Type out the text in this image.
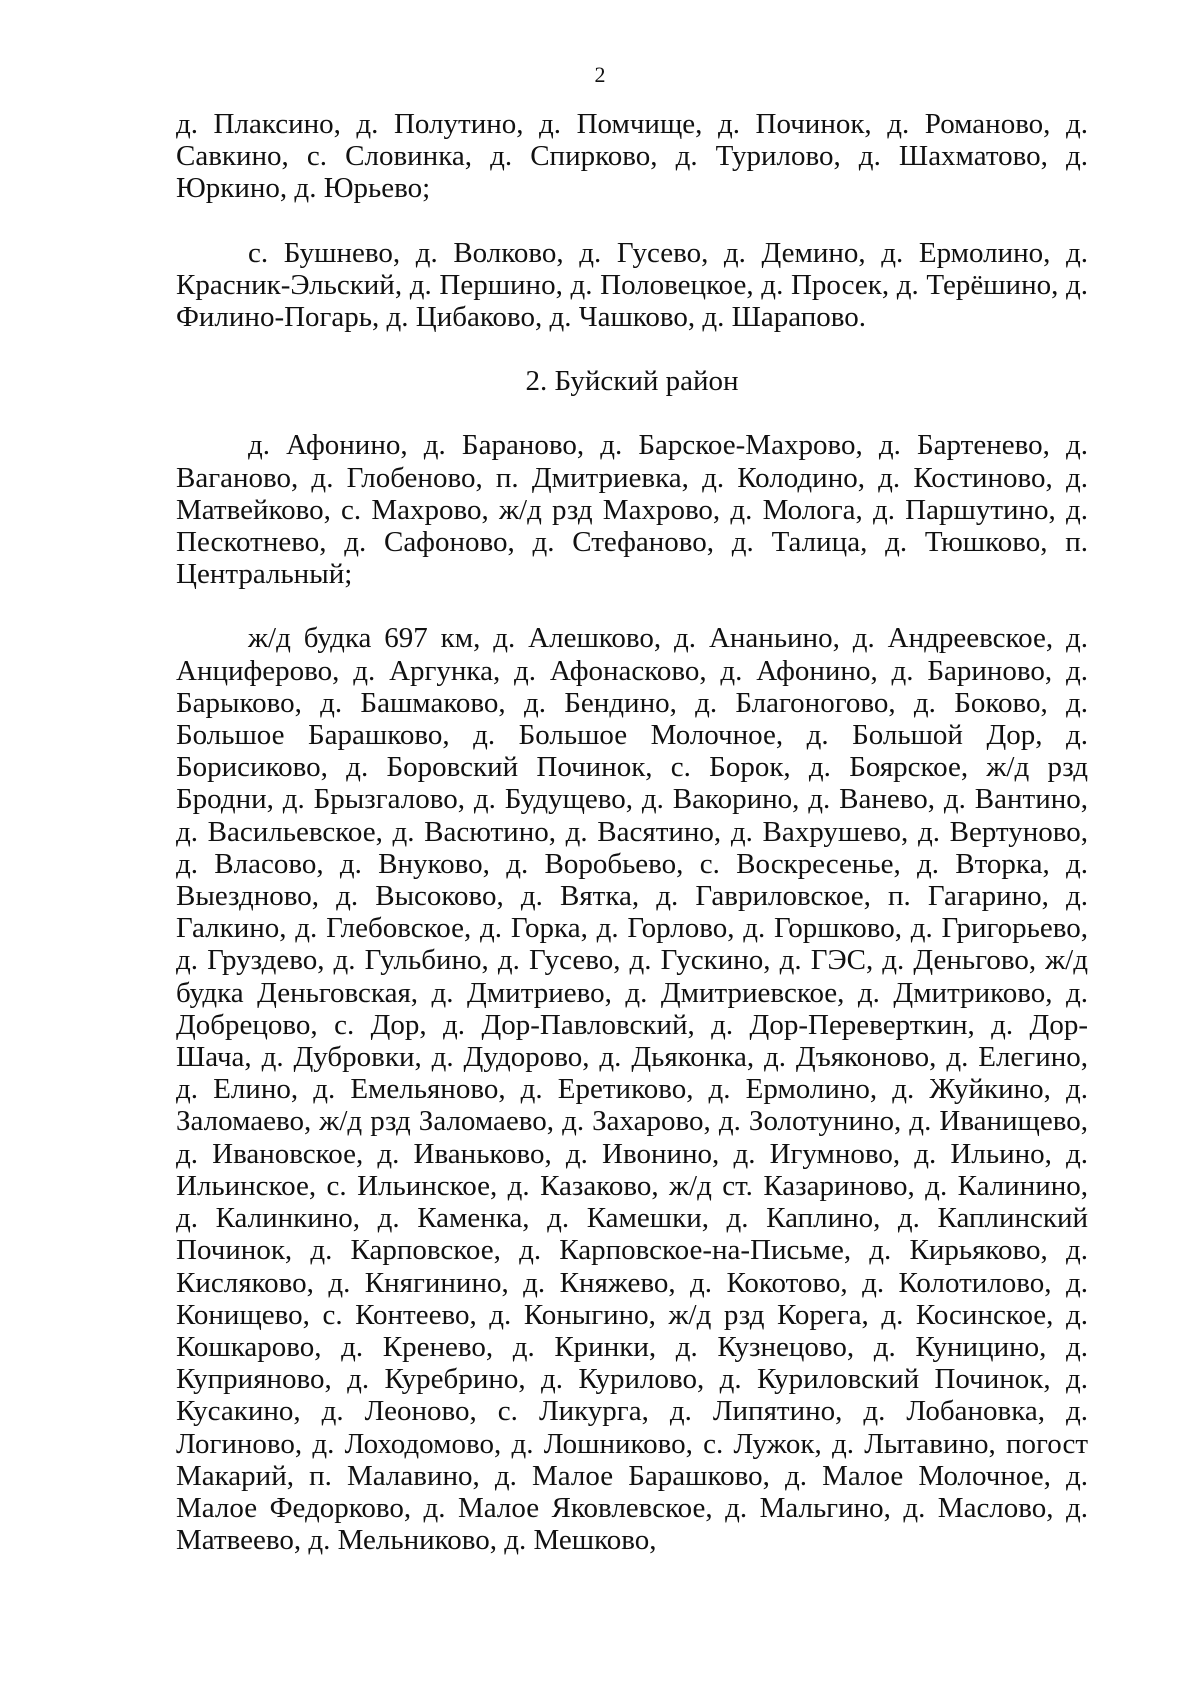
2

д. Плаксино, д. Полутино, д. Помчище, д. Починок, д. Романово, д. Савкино, с. Словинка, д. Спирково, д. Турилово, д. Шахматово, д. Юркино, д. Юрьево;

с. Бушнево, д. Волково, д. Гусево, д. Демино, д. Ермолино, д. Красник-Эльский, д. Першино, д. Половецкое, д. Просек, д. Терёшино, д. Филино-Погарь, д. Цибаково, д. Чашково, д. Шарапово.

2. Буйский район

д. Афонино, д. Бараново, д. Барское-Махрово, д. Бартенево, д. Ваганово, д. Глобеново, п. Дмитриевка, д. Колодино, д. Костиново, д. Матвейково, с. Махрово, ж/д рзд Махрово, д. Молога, д. Паршутино, д. Пескотнево, д. Сафоново, д. Стефаново, д. Талица, д. Тюшково, п. Центральный;

ж/д будка 697 км, д. Алешково, д. Ананьино, д. Андреевское, д. Анциферово, д. Аргунка, д. Афонасково, д. Афонино, д. Бариново, д. Барыково, д. Башмаково, д. Бендино, д. Благоногово, д. Боково, д. Большое Барашково, д. Большое Молочное, д. Большой Дор, д. Борисиково, д. Боровский Починок, с. Борок, д. Боярское, ж/д рзд Бродни, д. Брызгалово, д. Будущево, д. Вакорино, д. Ванево, д. Вантино, д. Васильевское, д. Васютино, д. Васятино, д. Вахрушево, д. Вертуново, д. Власово, д. Внуково, д. Воробьево, с. Воскресенье, д. Вторка, д. Выездново, д. Высоково, д. Вятка, д. Гавриловское, п. Гагарино, д. Галкино, д. Глебовское, д. Горка, д. Горлово, д. Горшково, д. Григорьево, д. Груздево, д. Гульбино, д. Гусево, д. Гускино, д. ГЭС, д. Деньгово, ж/д будка Деньговская, д. Дмитриево, д. Дмитриевское, д. Дмитриково, д. Добрецово, с. Дор, д. Дор-Павловский, д. Дор-Переверткин, д. Дор-Шача, д. Дубровки, д. Дудорово, д. Дьяконка, д. Дъяконово, д. Елегино, д. Елино, д. Емельяново, д. Еретиково, д. Ермолино, д. Жуйкино, д. Заломаево, ж/д рзд Заломаево, д. Захарово, д. Золотунино, д. Иванищево, д. Ивановское, д. Иваньково, д. Ивонино, д. Игумново, д. Ильино, д. Ильинское, с. Ильинское, д. Казаково, ж/д ст. Казариново, д. Калинино, д. Калинкино, д. Каменка, д. Камешки, д. Каплино, д. Каплинский Починок, д. Карповское, д. Карповское-на-Письме, д. Кирьяково, д. Кисляково, д. Княгинино, д. Княжево, д. Кокотово, д. Колотилово, д. Конищево, с. Контеево, д. Коныгино, ж/д рзд Корега, д. Косинское, д. Кошкарово, д. Кренево, д. Кринки, д. Кузнецово, д. Куницино, д. Куприяново, д. Куребрино, д. Курилово, д. Куриловский Починок, д. Кусакино, д. Леоново, с. Ликурга, д. Липятино, д. Лобановка, д. Логиново, д. Лоходомово, д. Лошниково, с. Лужок, д. Лытавино, погост Макарий, п. Малавино, д. Малое Барашково, д. Малое Молочное, д. Малое Федорково, д. Малое Яковлевское, д. Мальгино, д. Маслово, д. Матвеево, д. Мельниково, д. Мешково,
